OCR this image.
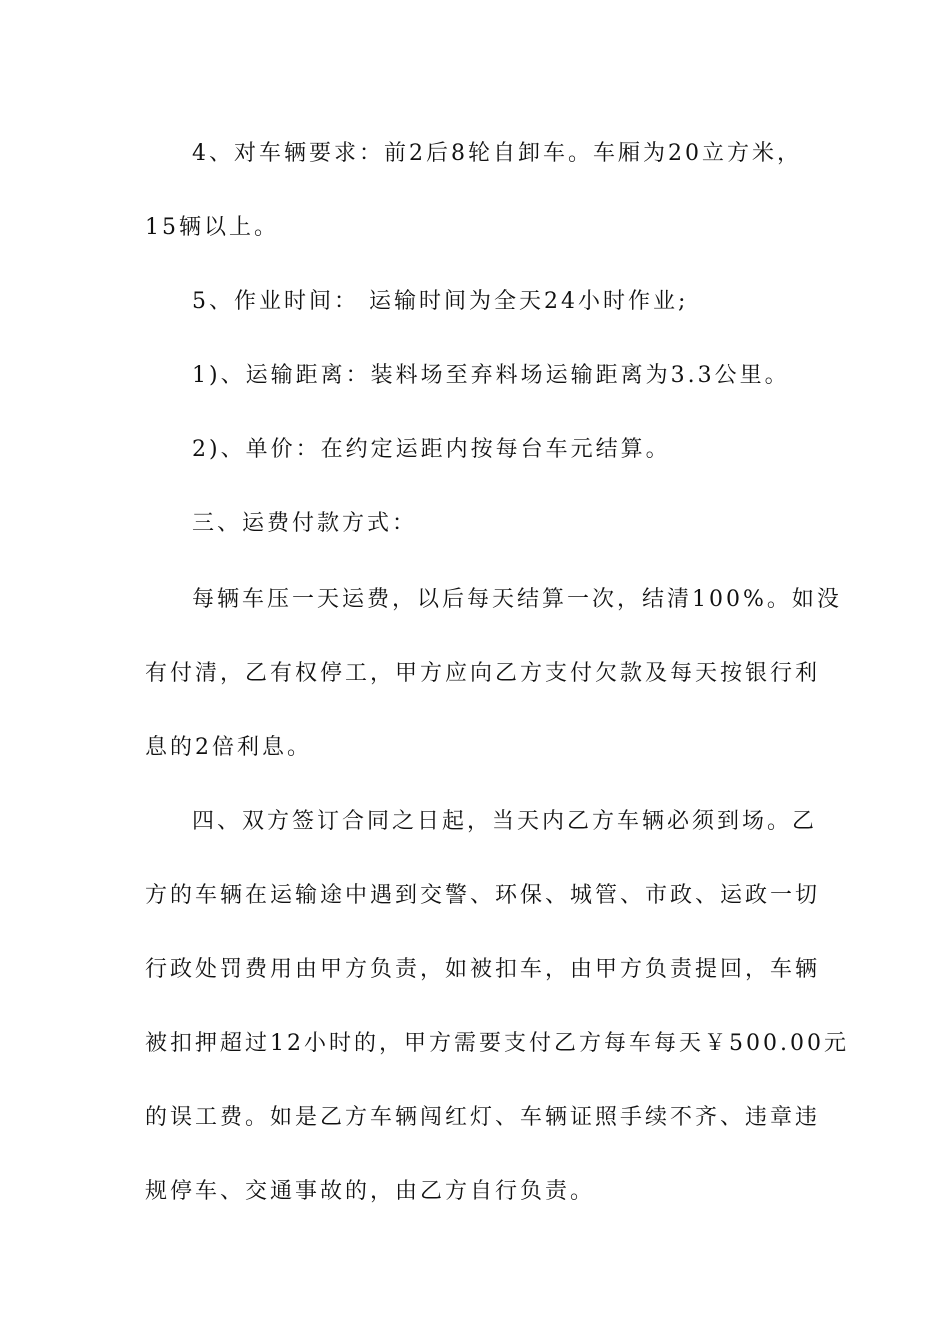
4、对车辆要求：前2后8轮自卸车。车厢为20立方米，
15辆以上。
5、作业时间： 运输时间为全天24小时作业;
1)、运输距离：装料场至弃料场运输距离为3.3公里。
2)、单价：在约定运距内按每台车元结算。
三、运费付款方式：
每辆车压一天运费，以后每天结算一次，结清100%。如没
有付清，乙有权停工，甲方应向乙方支付欠款及每天按银行利
息的2倍利息。
四、双方签订合同之日起，当天内乙方车辆必须到场。乙
方的车辆在运输途中遇到交警、环保、城管、市政、运政一切
行政处罚费用由甲方负责，如被扣车，由甲方负责提回，车辆
被扣押超过12小时的，甲方需要支付乙方每车每天￥500.00元
的误工费。如是乙方车辆闯红灯、车辆证照手续不齐、违章违
规停车、交通事故的，由乙方自行负责。
